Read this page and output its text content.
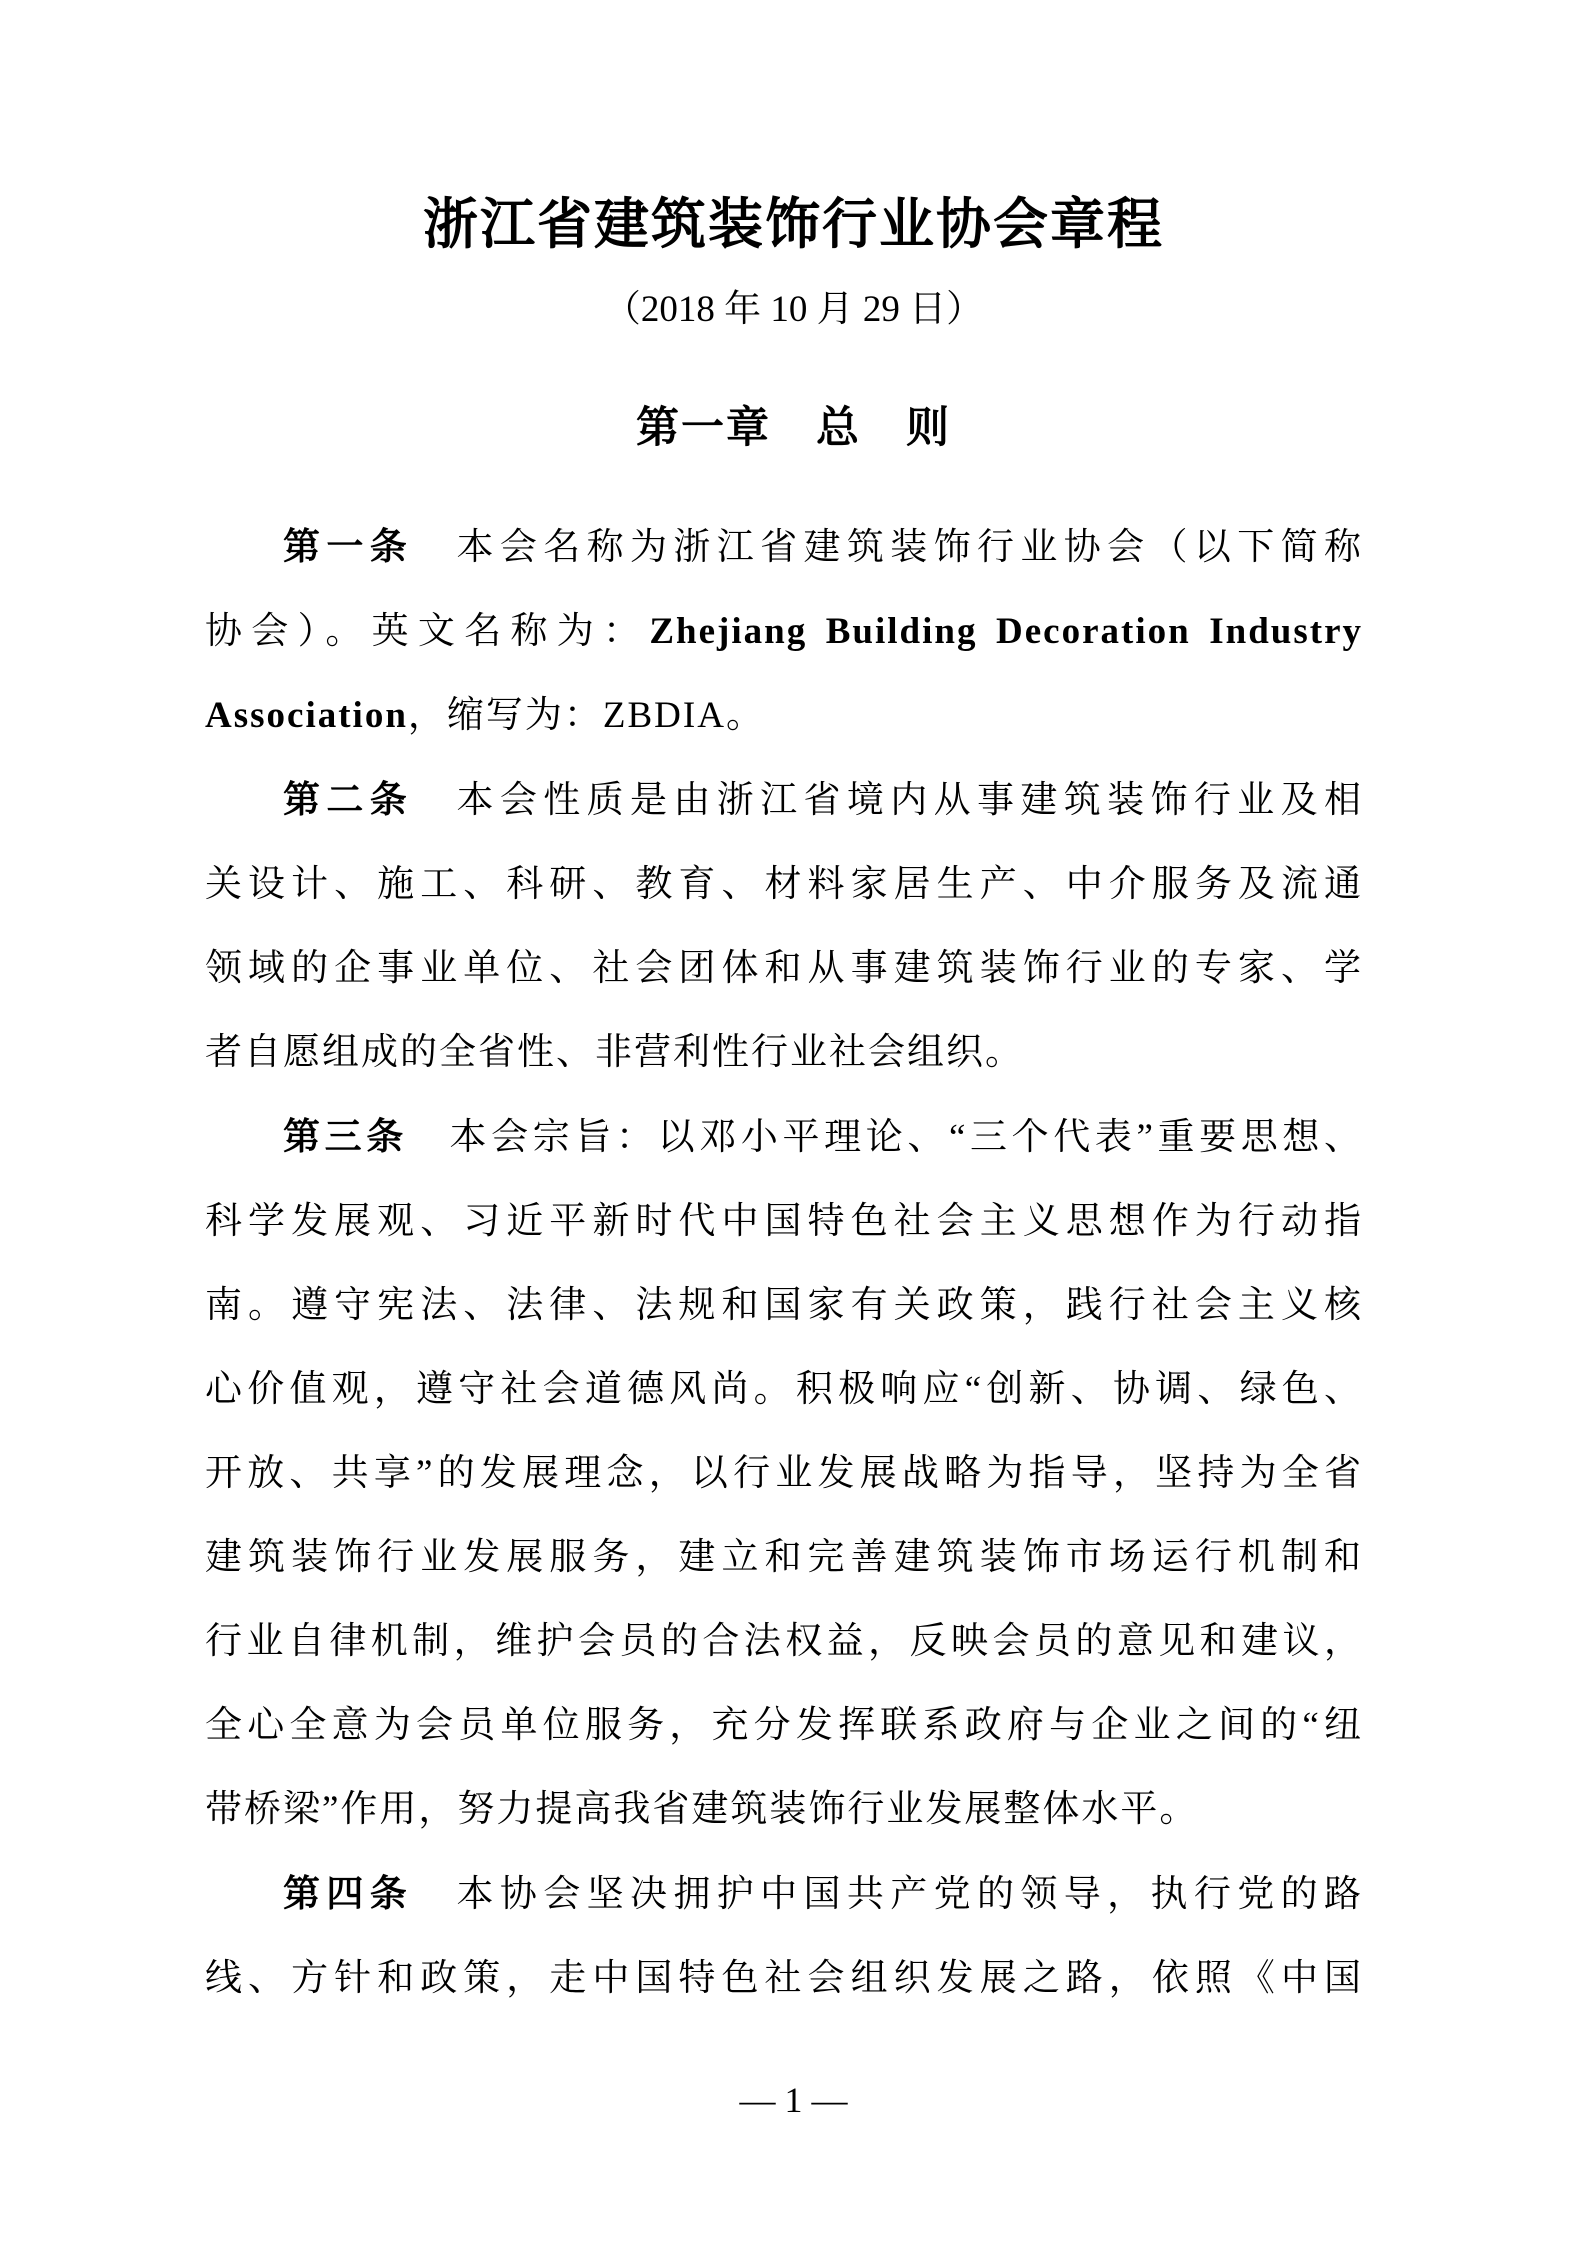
浙江省建筑装饰行业协会章程
（2018 年 10 月 29 日）
第一章　总　则
第一条　本会名称为浙江省建筑装饰行业协会（以下简称
协会）。英文名称为：Zhejiang Building Decoration Industry
Association，缩写为：ZBDIA。
第二条　本会性质是由浙江省境内从事建筑装饰行业及相
关设计、施工、科研、教育、材料家居生产、中介服务及流通
领域的企事业单位、社会团体和从事建筑装饰行业的专家、学
者自愿组成的全省性、非营利性行业社会组织。
第三条　本会宗旨：以邓小平理论、“三个代表”重要思想、
科学发展观、习近平新时代中国特色社会主义思想作为行动指
南。遵守宪法、法律、法规和国家有关政策，践行社会主义核
心价值观，遵守社会道德风尚。积极响应“创新、协调、绿色、
开放、共享”的发展理念，以行业发展战略为指导，坚持为全省
建筑装饰行业发展服务，建立和完善建筑装饰市场运行机制和
行业自律机制，维护会员的合法权益，反映会员的意见和建议，
全心全意为会员单位服务，充分发挥联系政府与企业之间的“纽
带桥梁”作用，努力提高我省建筑装饰行业发展整体水平。
第四条　本协会坚决拥护中国共产党的领导，执行党的路
线、方针和政策，走中国特色社会组织发展之路，依照《中国
— 1 —
